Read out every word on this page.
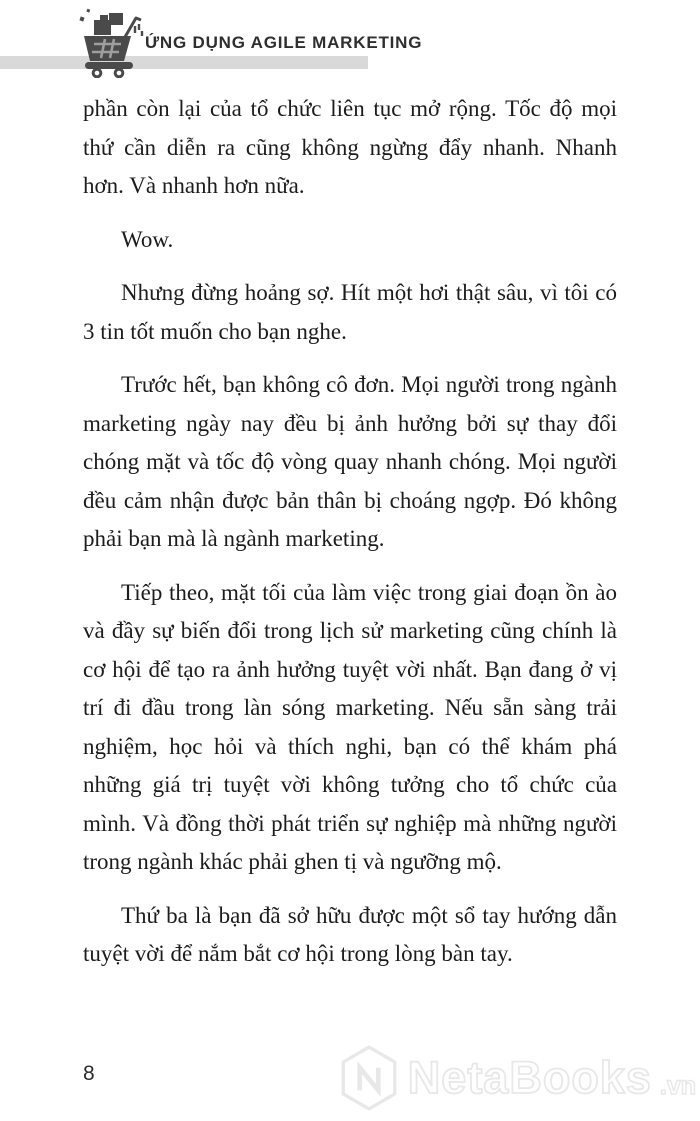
ỨNG DỤNG AGILE MARKETING

phần còn lại của tổ chức liên tục mở rộng. Tốc độ mọi thứ cần diễn ra cũng không ngừng đẩy nhanh. Nhanh hơn. Và nhanh hơn nữa.

Wow.

Nhưng đừng hoảng sợ. Hít một hơi thật sâu, vì tôi có 3 tin tốt muốn cho bạn nghe.

Trước hết, bạn không cô đơn. Mọi người trong ngành marketing ngày nay đều bị ảnh hưởng bởi sự thay đổi chóng mặt và tốc độ vòng quay nhanh chóng. Mọi người đều cảm nhận được bản thân bị choáng ngợp. Đó không phải bạn mà là ngành marketing.

Tiếp theo, mặt tối của làm việc trong giai đoạn ồn ào và đầy sự biến đổi trong lịch sử marketing cũng chính là cơ hội để tạo ra ảnh hưởng tuyệt vời nhất. Bạn đang ở vị trí đi đầu trong làn sóng marketing. Nếu sẵn sàng trải nghiệm, học hỏi và thích nghi, bạn có thể khám phá những giá trị tuyệt vời không tưởng cho tổ chức của mình. Và đồng thời phát triển sự nghiệp mà những người trong ngành khác phải ghen tị và ngưỡng mộ.

Thứ ba là bạn đã sở hữu được một sổ tay hướng dẫn tuyệt vời để nắm bắt cơ hội trong lòng bàn tay.

8	NetaBooks .vn
